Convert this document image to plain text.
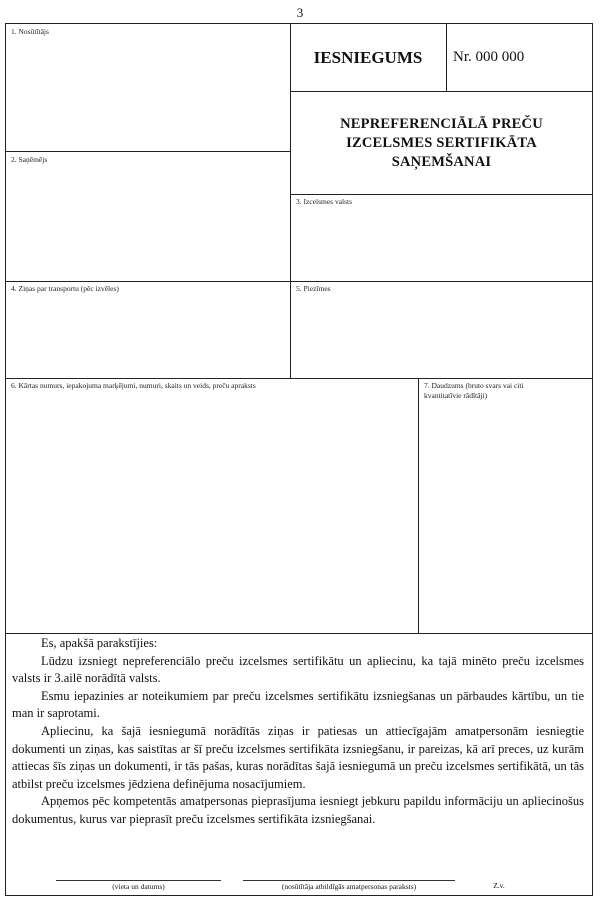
3
1. Nosūtītājs
2. Saņēmējs
3. Izcelsmes valsts
4. Ziņas par transportu (pēc izvēles)	5. Piezīmes
6. Kārtas numurs, iepakojuma marķējumi, numuri, skaits un veids, preču apraksts	7. Daudzums (bruto svars vai citi
kvantitatīvie rādītāji)
IESNIEGUMS	Nr. 000 000
NEPREFERENCIĀLĀ PREČU
IZCELSMES SERTIFIKĀTA
SAŅEMŠANAI

Es, apakšā parakstījies:

Lūdzu izsniegt nepreferenciālo preču izcelsmes sertifikātu un apliecinu, ka tajā minēto preču izcelsmes valsts ir 3.ailē norādītā valsts.

Esmu iepazinies ar noteikumiem par preču izcelsmes sertifikātu izsniegšanas un pārbaudes kārtību, un tie man ir saprotami.

Apliecinu, ka šajā iesniegumā norādītās ziņas ir patiesas un attiecīgajām amatpersonām iesniegtie dokumenti un ziņas, kas saistītas ar šī preču izcelsmes sertifikāta izsniegšanu, ir pareizas, kā arī preces, uz kurām attiecas šīs ziņas un dokumenti, ir tās pašas, kuras norādītas šajā iesniegumā un preču izcelsmes sertifikātā, un tās atbilst preču izcelsmes jēdziena definējuma nosacījumiem.

Apņemos pēc kompetentās amatpersonas pieprasījuma iesniegt jebkuru papildu informāciju un apliecinošus dokumentus, kurus var pieprasīt preču izcelsmes sertifikāta izsniegšanai.

(vieta un datums)	(nosūtītāja atbildīgās amatpersonas paraksts)	Z.v.
